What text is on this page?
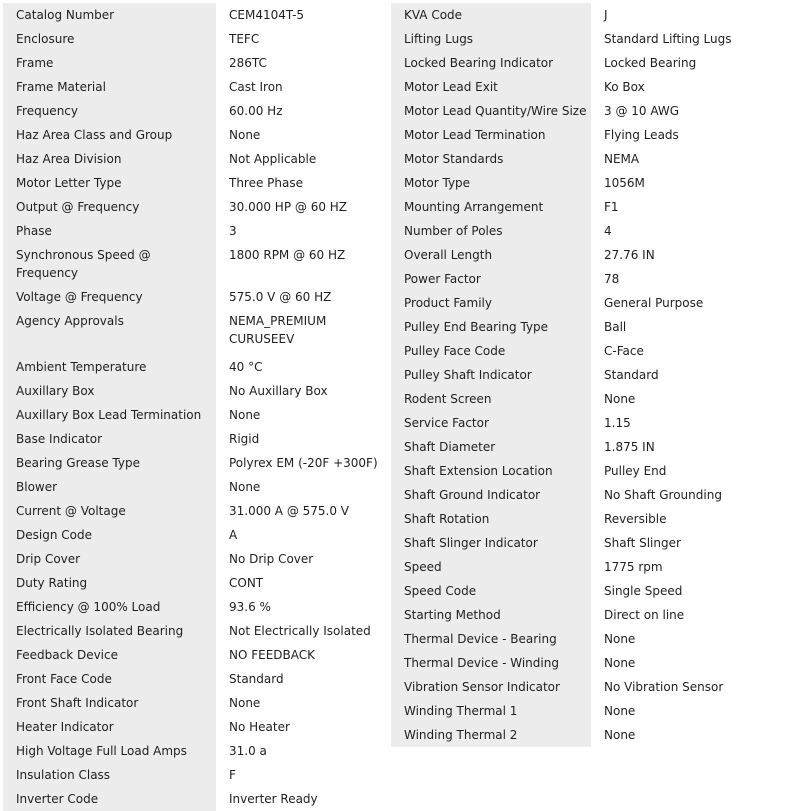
Catalog Number	CEM4104T-5

Enclosure	TEFC

Frame	286TC

Frame Material	Cast Iron

Frequency	60.00 Hz

Haz Area Class and Group	None

Haz Area Division	Not Applicable

Motor Letter Type	Three Phase

Output @ Frequency	30.000 HP @ 60 HZ

Phase	3

Synchronous Speed @ Frequency	1800 RPM @ 60 HZ

Voltage @ Frequency	575.0 V @ 60 HZ

Agency Approvals	NEMA_PREMIUM
CURUSEEV

Ambient Temperature	40 °C

Auxillary Box	No Auxillary Box

Auxillary Box Lead Termination	None

Base Indicator	Rigid

Bearing Grease Type	Polyrex EM (-20F +300F)

Blower	None

Current @ Voltage	31.000 A @ 575.0 V

Design Code	A

Drip Cover	No Drip Cover

Duty Rating	CONT

Efficiency @ 100% Load	93.6 %

Electrically Isolated Bearing	Not Electrically Isolated

Feedback Device	NO FEEDBACK

Front Face Code	Standard

Front Shaft Indicator	None

Heater Indicator	No Heater

High Voltage Full Load Amps	31.0 a

Insulation Class	F

Inverter Code	Inverter Ready
KVA Code	J

Lifting Lugs	Standard Lifting Lugs

Locked Bearing Indicator	Locked Bearing

Motor Lead Exit	Ko Box

Motor Lead Quantity/Wire Size	3 @ 10 AWG

Motor Lead Termination	Flying Leads

Motor Standards	NEMA

Motor Type	1056M

Mounting Arrangement	F1

Number of Poles	4

Overall Length	27.76 IN

Power Factor	78

Product Family	General Purpose

Pulley End Bearing Type	Ball

Pulley Face Code	C-Face

Pulley Shaft Indicator	Standard

Rodent Screen	None

Service Factor	1.15

Shaft Diameter	1.875 IN

Shaft Extension Location	Pulley End

Shaft Ground Indicator	No Shaft Grounding

Shaft Rotation	Reversible

Shaft Slinger Indicator	Shaft Slinger

Speed	1775 rpm

Speed Code	Single Speed

Starting Method	Direct on line

Thermal Device - Bearing	None

Thermal Device - Winding	None

Vibration Sensor Indicator	No Vibration Sensor

Winding Thermal 1	None

Winding Thermal 2	None
